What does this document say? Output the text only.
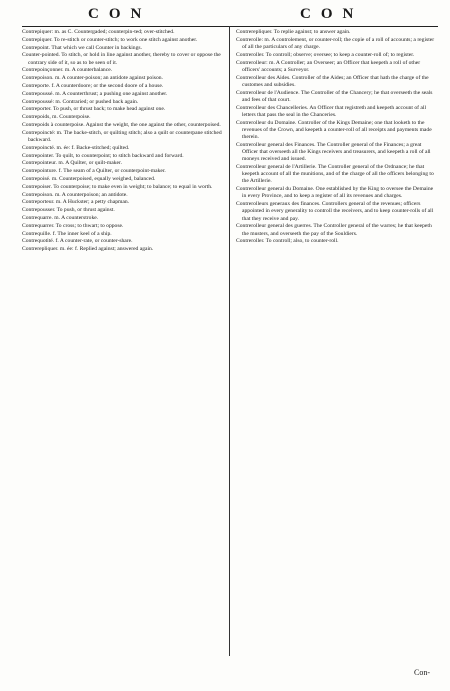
CON	CON

Contrepiquer: m. as C. Countergaded; counterpin-ted; over-stitched.

Contrepiquer. To re-stitch or counter-stitch; to work one stitch against another.

Contrepoint. That which we call Counter in backings.

Counter-pointed. To stitch, or hold in line against another, thereby to cover or oppose the contrary side of it, so as to be seen of it.

Contrepoinçonner. m. A counterbalance.

Contrepoison. m. A counter-poison; an antidote against poison.

Contreporte. f. A counterdoore; or the second doore of a house.

Contrepoussé. m. A counterthrust; a pushing one against another.

Contrepoussé: m. Contraried; or pushed back again.

Contreporter. To push, or thrust back; to make head against one.

Contrepoids, m. Counterpoise.

Contrepoids à counterpoise. Against the weight, the one against the other, counterpoised.

Contrepoincté: m. The backe-stitch, or quilting stitch; also a quilt or counterpane stitched backward.

Contrepoincté. m. ée: f. Backe-stitched; quilted.

Contrepointer. To quilt, to counterpoint; to stitch backward and forward.

Contrepointeur. m. A Quilter, or quilt-maker.

Contrepointure. f. The seam of a Quilter, or counterpoint-maker.

Contrepoisé. m. Counterpoised, equally weighed, balanced.

Contrepoiser. To counterpoise; to make even in weight; to balance; to equal in worth.

Contrepoison. m. A counterpoison; an antidote.

Contreporteur. m. A Huckster; a petty chapman.

Contrepousser. To push, or thrust against.

Contrequarre. m. A counterstroke.

Contrequarrer. To cross; to thwart; to oppose.

Contrequille. f. The inner keel of a ship.

Contrequotité. f. A counter-rate, or counter-share.

Contrerepliquer. m. ée: f. Replied against; answered again.

Contrerepliquer. To replie against; to answer again.

Contrerolle: m. A controlement, or counter-roll; the copie of a roll of accounts; a register of all the particulars of any charge.

Contreroller. To controll; observe; oversee; to keep a counter-roll of; to register.

Contrerolleur: m. A Controller; an Overseer; an Officer that keepeth a roll of other officers' accounts; a Surveyor.

Contrerolleur des Aides. Controller of the Aides; an Officer that hath the charge of the customes and subsidies.

Contrerolleur de l'Audience. The Controller of the Chancery; he that overseeth the seals and fees of that court.

Contrerolleur des Chancelleries. An Officer that registreth and keepeth account of all letters that pass the seal in the Chanceries.

Contrerolleur du Domaine. Controller of the Kings Demaine; one that looketh to the revenues of the Crown, and keepeth a counter-roll of all receipts and payments made therein.

Contrerolleur general des Finances. The Controller general of the Finances; a great Officer that overseeth all the Kings receivers and treasurers, and keepeth a roll of all moneys received and issued.

Contrerolleur general de l'Artillerie. The Controller general of the Ordnance; he that keepeth account of all the munitions, and of the charge of all the officers belonging to the Artillerie.

Contrerolleur general du Domaine. One established by the King to oversee the Demaine in every Province, and to keep a register of all its revenues and charges.

Contrerolleurs generaux des finances. Controllers general of the revenues; officers appointed in every generality to controll the receivers, and to keep counter-rolls of all that they receive and pay.

Contrerolleur general des guerres. The Controller general of the warres; he that keepeth the musters, and overseeth the pay of the Souldiers.

Contreroller. To controll; also, to counter-roll.

Con-
